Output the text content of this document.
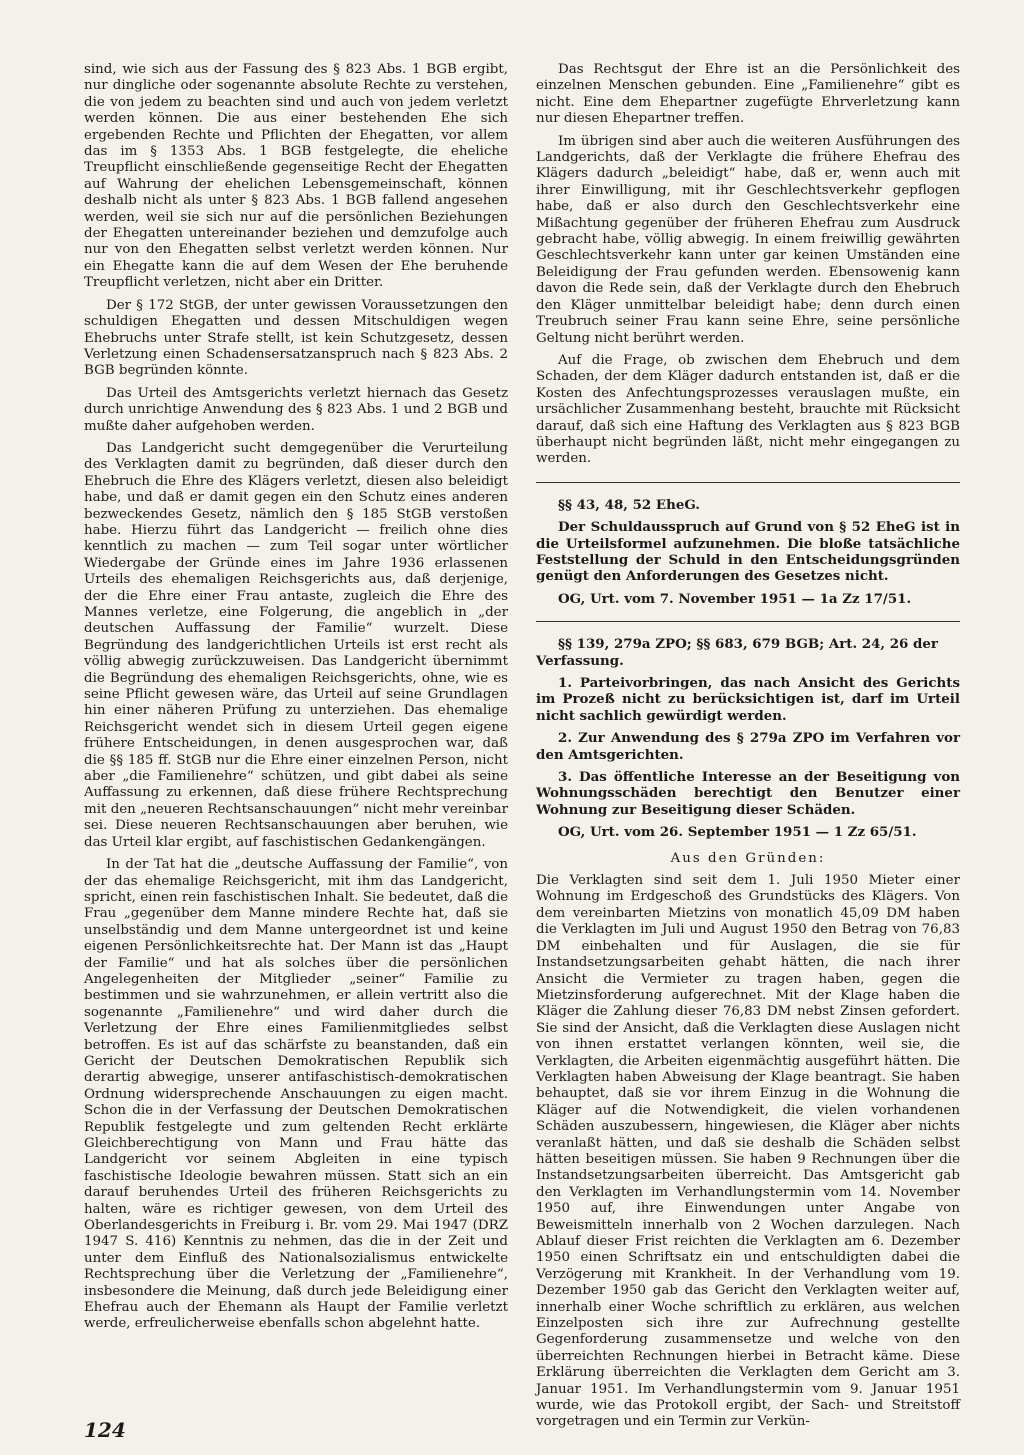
sind, wie sich aus der Fassung des § 823 Abs. 1 BGB ergibt, nur dingliche oder sogenannte absolute Rechte zu verstehen, die von jedem zu beachten sind und auch von jedem verletzt werden können. Die aus einer bestehenden Ehe sich ergebenden Rechte und Pflichten der Ehegatten, vor allem das im § 1353 Abs. 1 BGB festgelegte, die eheliche Treupflicht einschließende gegenseitige Recht der Ehegatten auf Wahrung der ehelichen Lebensgemeinschaft, können deshalb nicht als unter § 823 Abs. 1 BGB fallend angesehen werden, weil sie sich nur auf die persönlichen Beziehungen der Ehegatten untereinander beziehen und demzufolge auch nur von den Ehegatten selbst verletzt werden können. Nur ein Ehegatte kann die auf dem Wesen der Ehe beruhende Treupflicht verletzen, nicht aber ein Dritter.

Der § 172 StGB, der unter gewissen Voraussetzungen den schuldigen Ehegatten und dessen Mitschuldigen wegen Ehebruchs unter Strafe stellt, ist kein Schutzgesetz, dessen Verletzung einen Schadensersatzanspruch nach § 823 Abs. 2 BGB begründen könnte.

Das Urteil des Amtsgerichts verletzt hiernach das Gesetz durch unrichtige Anwendung des § 823 Abs. 1 und 2 BGB und mußte daher aufgehoben werden.

Das Landgericht sucht demgegenüber die Verurteilung des Verklagten damit zu begründen, daß dieser durch den Ehebruch die Ehre des Klägers verletzt, diesen also beleidigt habe, und daß er damit gegen ein den Schutz eines anderen bezweckendes Gesetz, nämlich den § 185 StGB verstoßen habe. Hierzu führt das Landgericht — freilich ohne dies kenntlich zu machen — zum Teil sogar unter wörtlicher Wiedergabe der Gründe eines im Jahre 1936 erlassenen Urteils des ehemaligen Reichsgerichts aus, daß derjenige, der die Ehre einer Frau antaste, zugleich die Ehre des Mannes verletze, eine Folgerung, die angeblich in „der deutschen Auffassung der Familie“ wurzelt. Diese Begründung des landgerichtlichen Urteils ist erst recht als völlig abwegig zurückzuweisen. Das Landgericht übernimmt die Begründung des ehemaligen Reichsgerichts, ohne, wie es seine Pflicht gewesen wäre, das Urteil auf seine Grundlagen hin einer näheren Prüfung zu unterziehen. Das ehemalige Reichsgericht wendet sich in diesem Urteil gegen eigene frühere Entscheidungen, in denen ausgesprochen war, daß die §§ 185 ff. StGB nur die Ehre einer einzelnen Person, nicht aber „die Familienehre“ schützen, und gibt dabei als seine Auffassung zu erkennen, daß diese frühere Rechtsprechung mit den „neueren Rechtsanschauungen“ nicht mehr vereinbar sei. Diese neueren Rechtsanschauungen aber beruhen, wie das Urteil klar ergibt, auf faschistischen Gedankengängen.

In der Tat hat die „deutsche Auffassung der Familie“, von der das ehemalige Reichsgericht, mit ihm das Landgericht, spricht, einen rein faschistischen Inhalt. Sie bedeutet, daß die Frau „gegenüber dem Manne mindere Rechte hat, daß sie unselbständig und dem Manne untergeordnet ist und keine eigenen Persönlichkeitsrechte hat. Der Mann ist das „Haupt der Familie“ und hat als solches über die persönlichen Angelegenheiten der Mitglieder „seiner“ Familie zu bestimmen und sie wahrzunehmen, er allein vertritt also die sogenannte „Familienehre“ und wird daher durch die Verletzung der Ehre eines Familienmitgliedes selbst betroffen. Es ist auf das schärfste zu beanstanden, daß ein Gericht der Deutschen Demokratischen Republik sich derartig abwegige, unserer antifaschistisch-demokratischen Ordnung widersprechende Anschauungen zu eigen macht. Schon die in der Verfassung der Deutschen Demokratischen Republik festgelegte und zum geltenden Recht erklärte Gleichberechtigung von Mann und Frau hätte das Landgericht vor seinem Abgleiten in eine typisch faschistische Ideologie bewahren müssen. Statt sich an ein darauf beruhendes Urteil des früheren Reichsgerichts zu halten, wäre es richtiger gewesen, von dem Urteil des Oberlandesgerichts in Freiburg i. Br. vom 29. Mai 1947 (DRZ 1947 S. 416) Kenntnis zu nehmen, das die in der Zeit und unter dem Einfluß des Nationalsozialismus entwickelte Rechtsprechung über die Verletzung der „Familienehre“, insbesondere die Meinung, daß durch jede Beleidigung einer Ehefrau auch der Ehemann als Haupt der Familie verletzt werde, erfreulicherweise ebenfalls schon abgelehnt hatte.

Das Rechtsgut der Ehre ist an die Persönlichkeit des einzelnen Menschen gebunden. Eine „Familienehre“ gibt es nicht. Eine dem Ehepartner zugefügte Ehrverletzung kann nur diesen Ehepartner treffen.

Im übrigen sind aber auch die weiteren Ausführungen des Landgerichts, daß der Verklagte die frühere Ehefrau des Klägers dadurch „beleidigt“ habe, daß er, wenn auch mit ihrer Einwilligung, mit ihr Geschlechtsverkehr gepflogen habe, daß er also durch den Geschlechtsverkehr eine Mißachtung gegenüber der früheren Ehefrau zum Ausdruck gebracht habe, völlig abwegig. In einem freiwillig gewährten Geschlechtsverkehr kann unter gar keinen Umständen eine Beleidigung der Frau gefunden werden. Ebensowenig kann davon die Rede sein, daß der Verklagte durch den Ehebruch den Kläger unmittelbar beleidigt habe; denn durch einen Treubruch seiner Frau kann seine Ehre, seine persönliche Geltung nicht berührt werden.

Auf die Frage, ob zwischen dem Ehebruch und dem Schaden, der dem Kläger dadurch entstanden ist, daß er die Kosten des Anfechtungsprozesses verauslagen mußte, ein ursächlicher Zusammenhang besteht, brauchte mit Rücksicht darauf, daß sich eine Haftung des Verklagten aus § 823 BGB überhaupt nicht begründen läßt, nicht mehr eingegangen zu werden.

§§ 43, 48, 52 EheG.

Der Schuldausspruch auf Grund von § 52 EheG ist in die Urteilsformel aufzunehmen. Die bloße tatsächliche Feststellung der Schuld in den Entscheidungsgründen genügt den Anforderungen des Gesetzes nicht.

OG, Urt. vom 7. November 1951 — 1a Zz 17/51.

§§ 139, 279a ZPO; §§ 683, 679 BGB; Art. 24, 26 der Verfassung.

1. Parteivorbringen, das nach Ansicht des Gerichts im Prozeß nicht zu berücksichtigen ist, darf im Urteil nicht sachlich gewürdigt werden.

2. Zur Anwendung des § 279a ZPO im Verfahren vor den Amtsgerichten.

3. Das öffentliche Interesse an der Beseitigung von Wohnungsschäden berechtigt den Benutzer einer Wohnung zur Beseitigung dieser Schäden.

OG, Urt. vom 26. September 1951 — 1 Zz 65/51.

Aus den Gründen:

Die Verklagten sind seit dem 1. Juli 1950 Mieter einer Wohnung im Erdgeschoß des Grundstücks des Klägers. Von dem vereinbarten Mietzins von monatlich 45,09 DM haben die Verklagten im Juli und August 1950 den Betrag von 76,83 DM einbehalten und für Auslagen, die sie für Instandsetzungsarbeiten gehabt hätten, die nach ihrer Ansicht die Vermieter zu tragen haben, gegen die Mietzinsforderung aufgerechnet. Mit der Klage haben die Kläger die Zahlung dieser 76,83 DM nebst Zinsen gefordert. Sie sind der Ansicht, daß die Verklagten diese Auslagen nicht von ihnen erstattet verlangen könnten, weil sie, die Verklagten, die Arbeiten eigenmächtig ausgeführt hätten. Die Verklagten haben Abweisung der Klage beantragt. Sie haben behauptet, daß sie vor ihrem Einzug in die Wohnung die Kläger auf die Notwendigkeit, die vielen vorhandenen Schäden auszubessern, hingewiesen, die Kläger aber nichts veranlaßt hätten, und daß sie deshalb die Schäden selbst hätten beseitigen müssen. Sie haben 9 Rechnungen über die Instandsetzungsarbeiten überreicht. Das Amtsgericht gab den Verklagten im Verhandlungstermin vom 14. November 1950 auf, ihre Einwendungen unter Angabe von Beweismitteln innerhalb von 2 Wochen darzulegen. Nach Ablauf dieser Frist reichten die Verklagten am 6. Dezember 1950 einen Schriftsatz ein und entschuldigten dabei die Verzögerung mit Krankheit. In der Verhandlung vom 19. Dezember 1950 gab das Gericht den Verklagten weiter auf, innerhalb einer Woche schriftlich zu erklären, aus welchen Einzelposten sich ihre zur Aufrechnung gestellte Gegenforderung zusammensetze und welche von den überreichten Rechnungen hierbei in Betracht käme. Diese Erklärung überreichten die Verklagten dem Gericht am 3. Januar 1951. Im Verhandlungstermin vom 9. Januar 1951 wurde, wie das Protokoll ergibt, der Sach- und Streitstoff vorgetragen und ein Termin zur Verkün-

124
